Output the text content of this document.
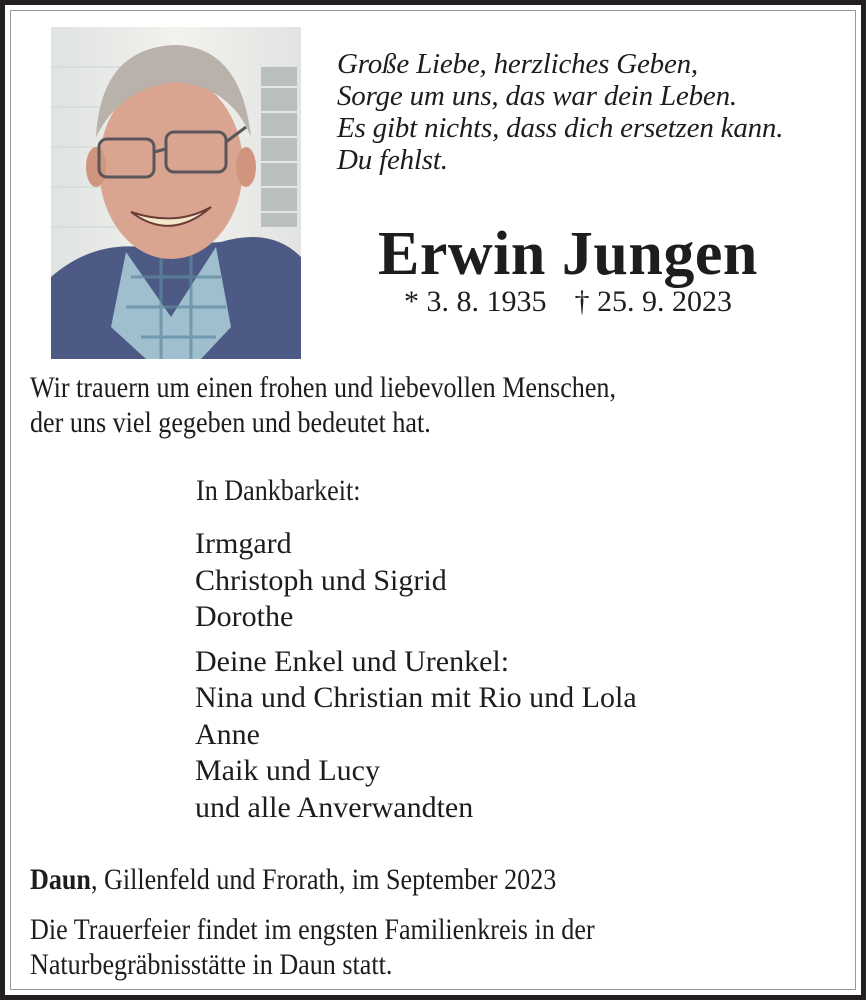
Große Liebe, herzliches Geben,
Sorge um uns, das war dein Leben.
Es gibt nichts, dass dich ersetzen kann.
Du fehlst.
Erwin Jungen
* 3. 8. 1935 † 25. 9. 2023
Wir trauern um einen frohen und liebevollen Menschen,
der uns viel gegeben und bedeutet hat.
In Dankbarkeit:
Irmgard
Christoph und Sigrid
Dorothe
Deine Enkel und Urenkel:
Nina und Christian mit Rio und Lola
Anne
Maik und Lucy
und alle Anverwandten
Daun, Gillenfeld und Frorath, im September 2023
Die Trauerfeier findet im engsten Familienkreis in der
Naturbegräbnisstätte in Daun statt.
